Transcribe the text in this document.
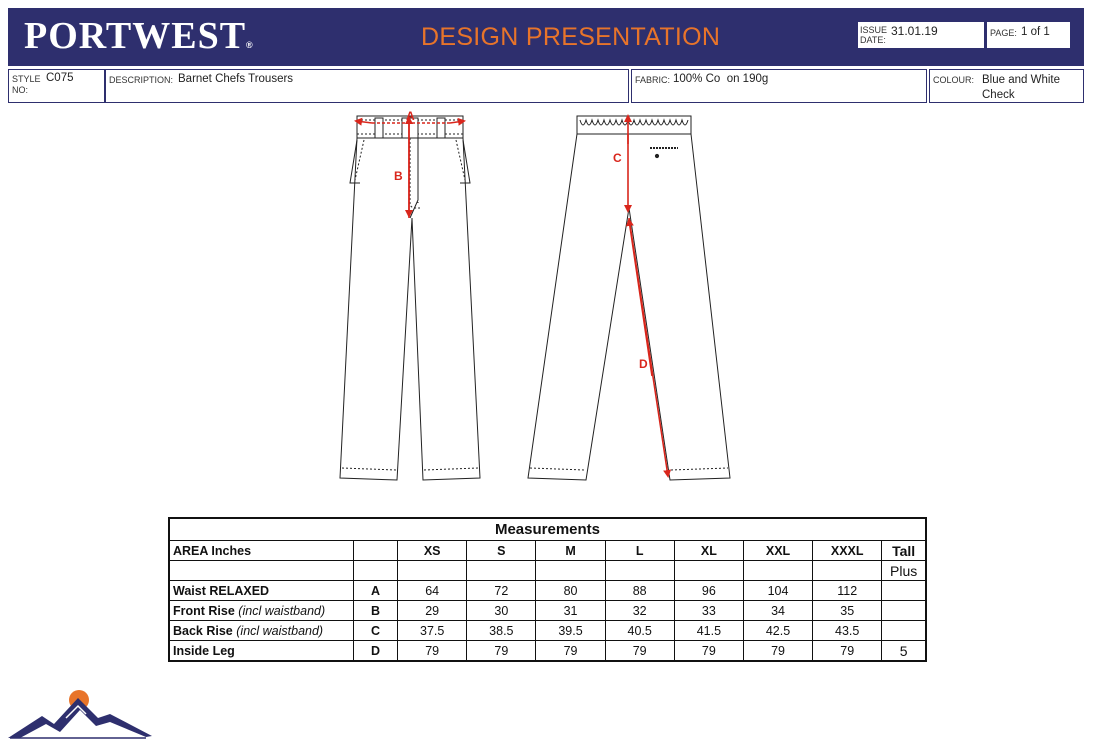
PORTWEST®	DESIGN PRESENTATION	ISSUE
DATE:
31.01.19	PAGE: 1 of 1
STYLE
NO:
C075	DESCRIPTION: Barnet Chefs Trousers	FABRIC: 100% Co  on 190g	COLOUR: Blue and White
Check
A
B
C
D
Measurements									
AREA Inches		XS	S	M	L	XL	XXL	XXXL	Tall
									Plus
Waist RELAXED	A	64	72	80	88	96	104	112	
Front Rise (incl waistband)	B	29	30	31	32	33	34	35	
Back Rise (incl waistband)	C	37.5	38.5	39.5	40.5	41.5	42.5	43.5	
Inside Leg	D	79	79	79	79	79	79	79	5
